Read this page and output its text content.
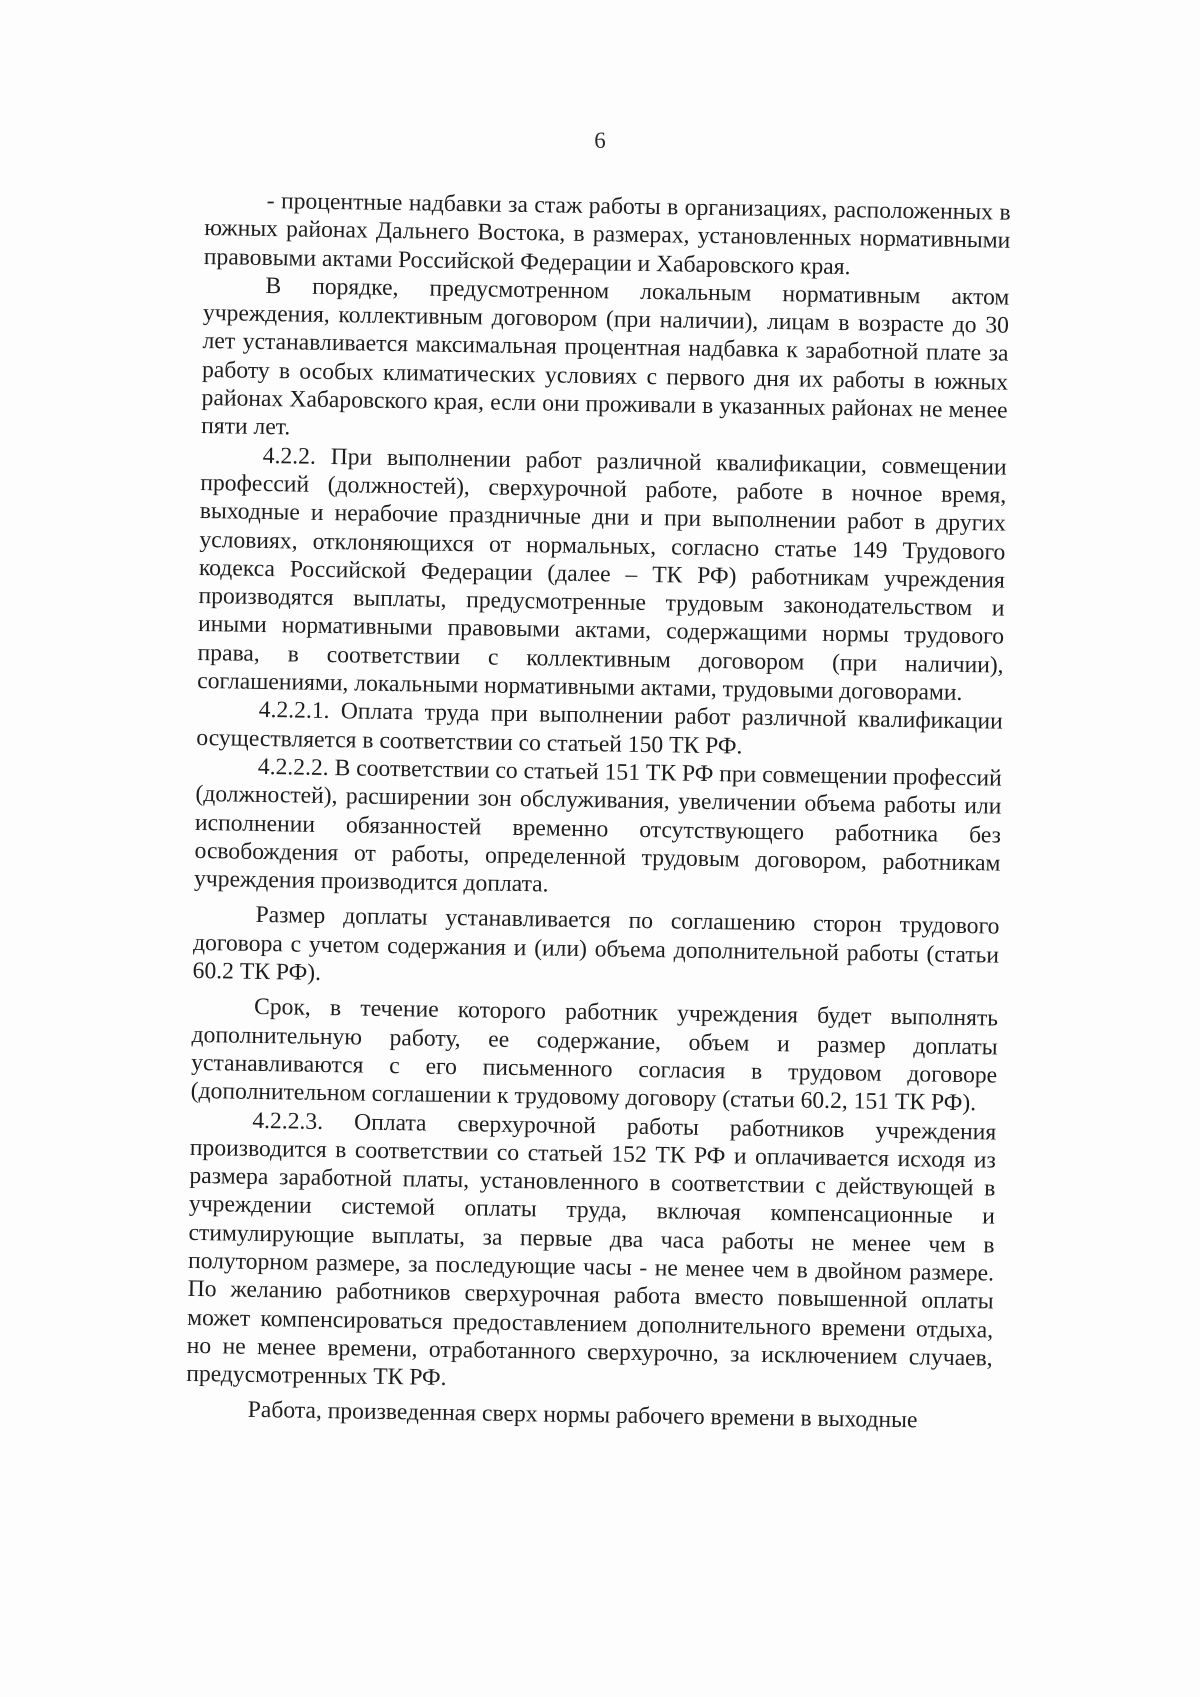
6

- процентные надбавки за стаж работы в организациях, расположенных в южных районах Дальнего Востока, в размерах, установленных нормативными правовыми актами Российской Федерации и Хабаровского края.

В порядке, предусмотренном локальным нормативным актом учреждения, коллективным договором (при наличии), лицам в возрасте до 30 лет устанавливается максимальная процентная надбавка к заработной плате за работу в особых климатических условиях с первого дня их работы в южных районах Хабаровского края, если они проживали в указанных районах не менее пяти лет.

4.2.2. При выполнении работ различной квалификации, совмещении профессий (должностей), сверхурочной работе, работе в ночное время, выходные и нерабочие праздничные дни и при выполнении работ в других условиях, отклоняющихся от нормальных, согласно статье 149 Трудового кодекса Российской Федерации (далее – ТК РФ) работникам учреждения производятся выплаты, предусмотренные трудовым законодательством и иными нормативными правовыми актами, содержащими нормы трудового права, в соответствии с коллективным договором (при наличии), соглашениями, локальными нормативными актами, трудовыми договорами.

4.2.2.1. Оплата труда при выполнении работ различной квалификации осуществляется в соответствии со статьей 150 ТК РФ.

4.2.2.2. В соответствии со статьей 151 ТК РФ при совмещении профессий (должностей), расширении зон обслуживания, увеличении объема работы или исполнении обязанностей временно отсутствующего работника без освобождения от работы, определенной трудовым договором, работникам учреждения производится доплата.

Размер доплаты устанавливается по соглашению сторон трудового договора с учетом содержания и (или) объема дополнительной работы (статьи 60.2 ТК РФ).

Срок, в течение которого работник учреждения будет выполнять дополнительную работу, ее содержание, объем и размер доплаты устанавливаются с его письменного согласия в трудовом договоре (дополнительном соглашении к трудовому договору (статьи 60.2, 151 ТК РФ).

4.2.2.3. Оплата сверхурочной работы работников учреждения производится в соответствии со статьей 152 ТК РФ и оплачивается исходя из размера заработной платы, установленного в соответствии с действующей в учреждении системой оплаты труда, включая компенсационные и стимулирующие выплаты, за первые два часа работы не менее чем в полуторном размере, за последующие часы - не менее чем в двойном размере. По желанию работников сверхурочная работа вместо повышенной оплаты может компенсироваться предоставлением дополнительного времени отдыха, но не менее времени, отработанного сверхурочно, за исключением случаев, предусмотренных ТК РФ.

Работа, произведенная сверх нормы рабочего времени в выходные
